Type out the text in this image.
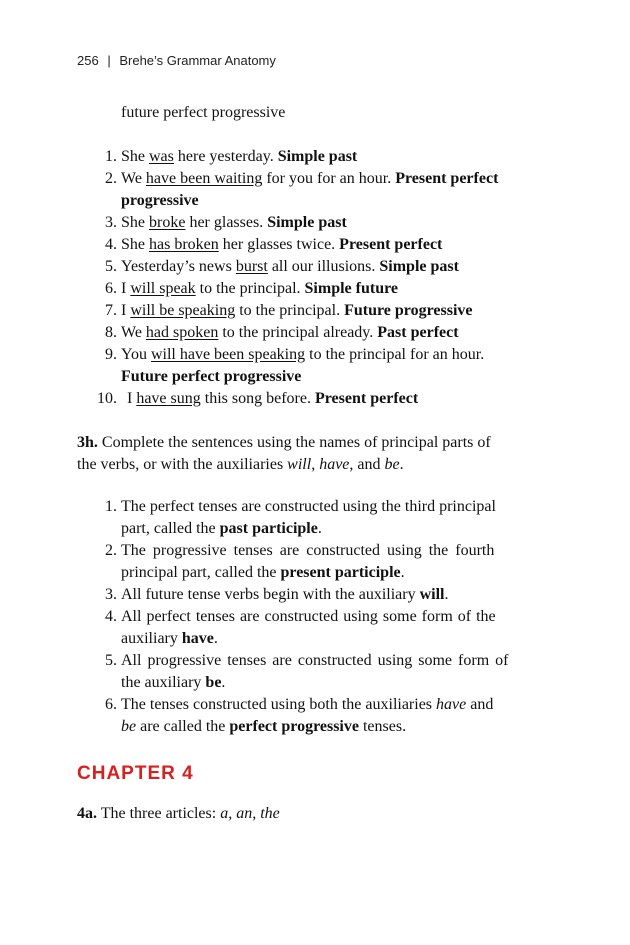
256 | Brehe’s Grammar Anatomy
future perfect progressive
1. She was here yesterday. Simple past
2. We have been waiting for you for an hour. Present perfect
progressive
3. She broke her glasses. Simple past
4. She has broken her glasses twice. Present perfect
5. Yesterday’s news burst all our illusions. Simple past
6. I will speak to the principal. Simple future
7. I will be speaking to the principal. Future progressive
8. We had spoken to the principal already. Past perfect
9. You will have been speaking to the principal for an hour.
Future perfect progressive
10. I have sung this song before. Present perfect
3h. Complete the sentences using the names of principal parts of
the verbs, or with the auxiliaries will, have, and be.
1. The perfect tenses are constructed using the third principal
part, called the past participle.
2. The progressive tenses are constructed using the fourth
principal part, called the present participle.
3. All future tense verbs begin with the auxiliary will.
4. All perfect tenses are constructed using some form of the
auxiliary have.
5. All progressive tenses are constructed using some form of
the auxiliary be.
6. The tenses constructed using both the auxiliaries have and
be are called the perfect progressive tenses.
CHAPTER 4
4a. The three articles: a, an, the
